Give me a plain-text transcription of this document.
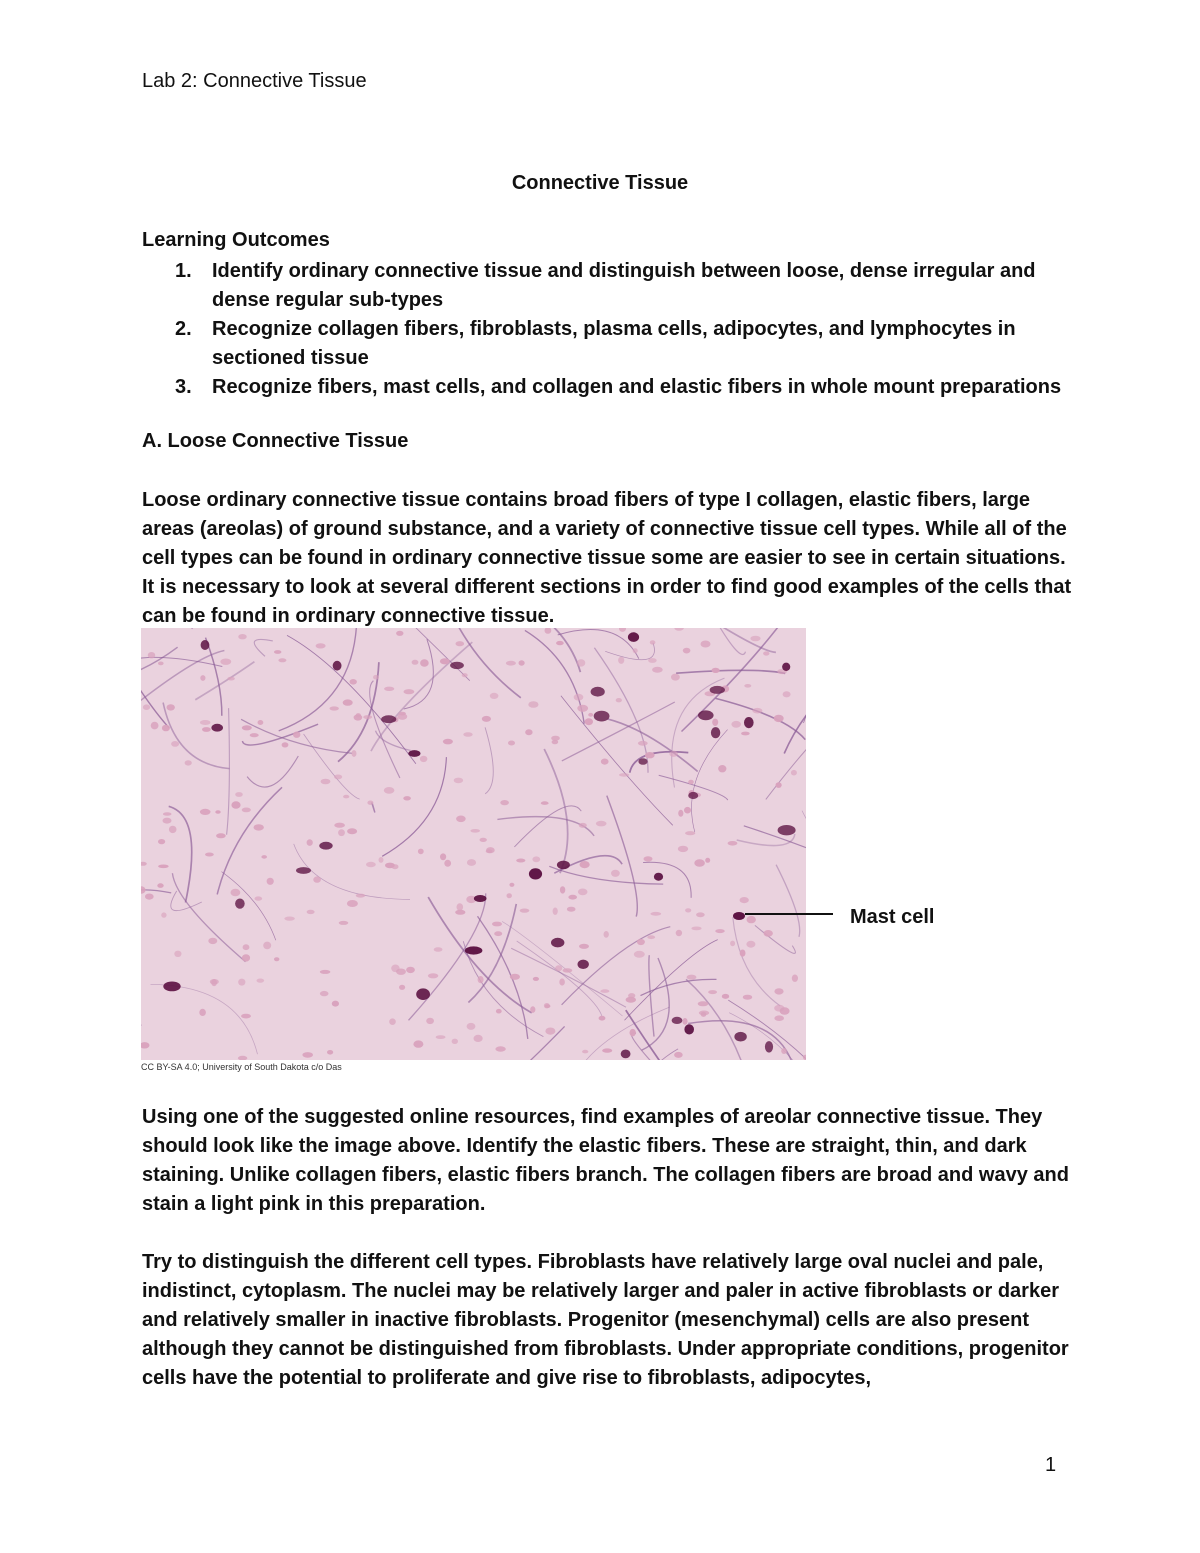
Lab 2: Connective Tissue
Connective Tissue
Learning Outcomes
1. Identify ordinary connective tissue and distinguish between loose, dense irregular and dense regular sub-types
2. Recognize collagen fibers, fibroblasts, plasma cells, adipocytes, and lymphocytes in sectioned tissue
3. Recognize fibers, mast cells, and collagen and elastic fibers in whole mount preparations
A. Loose Connective Tissue

Loose ordinary connective tissue contains broad fibers of type I collagen, elastic fibers, large areas (areolas) of ground substance, and a variety of connective tissue cell types. While all of the cell types can be found in ordinary connective tissue some are easier to see in certain situations. It is necessary to look at several different sections in order to find good examples of the cells that can be found in ordinary connective tissue.

CC BY-SA 4.0; University of South Dakota c/o Das
Mast cell

Using one of the suggested online resources, find examples of areolar connective tissue. They should look like the image above. Identify the elastic fibers. These are straight, thin, and dark staining. Unlike collagen fibers, elastic fibers branch. The collagen fibers are broad and wavy and stain a light pink in this preparation.

Try to distinguish the different cell types. Fibroblasts have relatively large oval nuclei and pale, indistinct, cytoplasm. The nuclei may be relatively larger and paler in active fibroblasts or darker and relatively smaller in inactive fibroblasts. Progenitor (mesenchymal) cells are also present although they cannot be distinguished from fibroblasts. Under appropriate conditions, progenitor cells have the potential to proliferate and give rise to fibroblasts, adipocytes,

1
